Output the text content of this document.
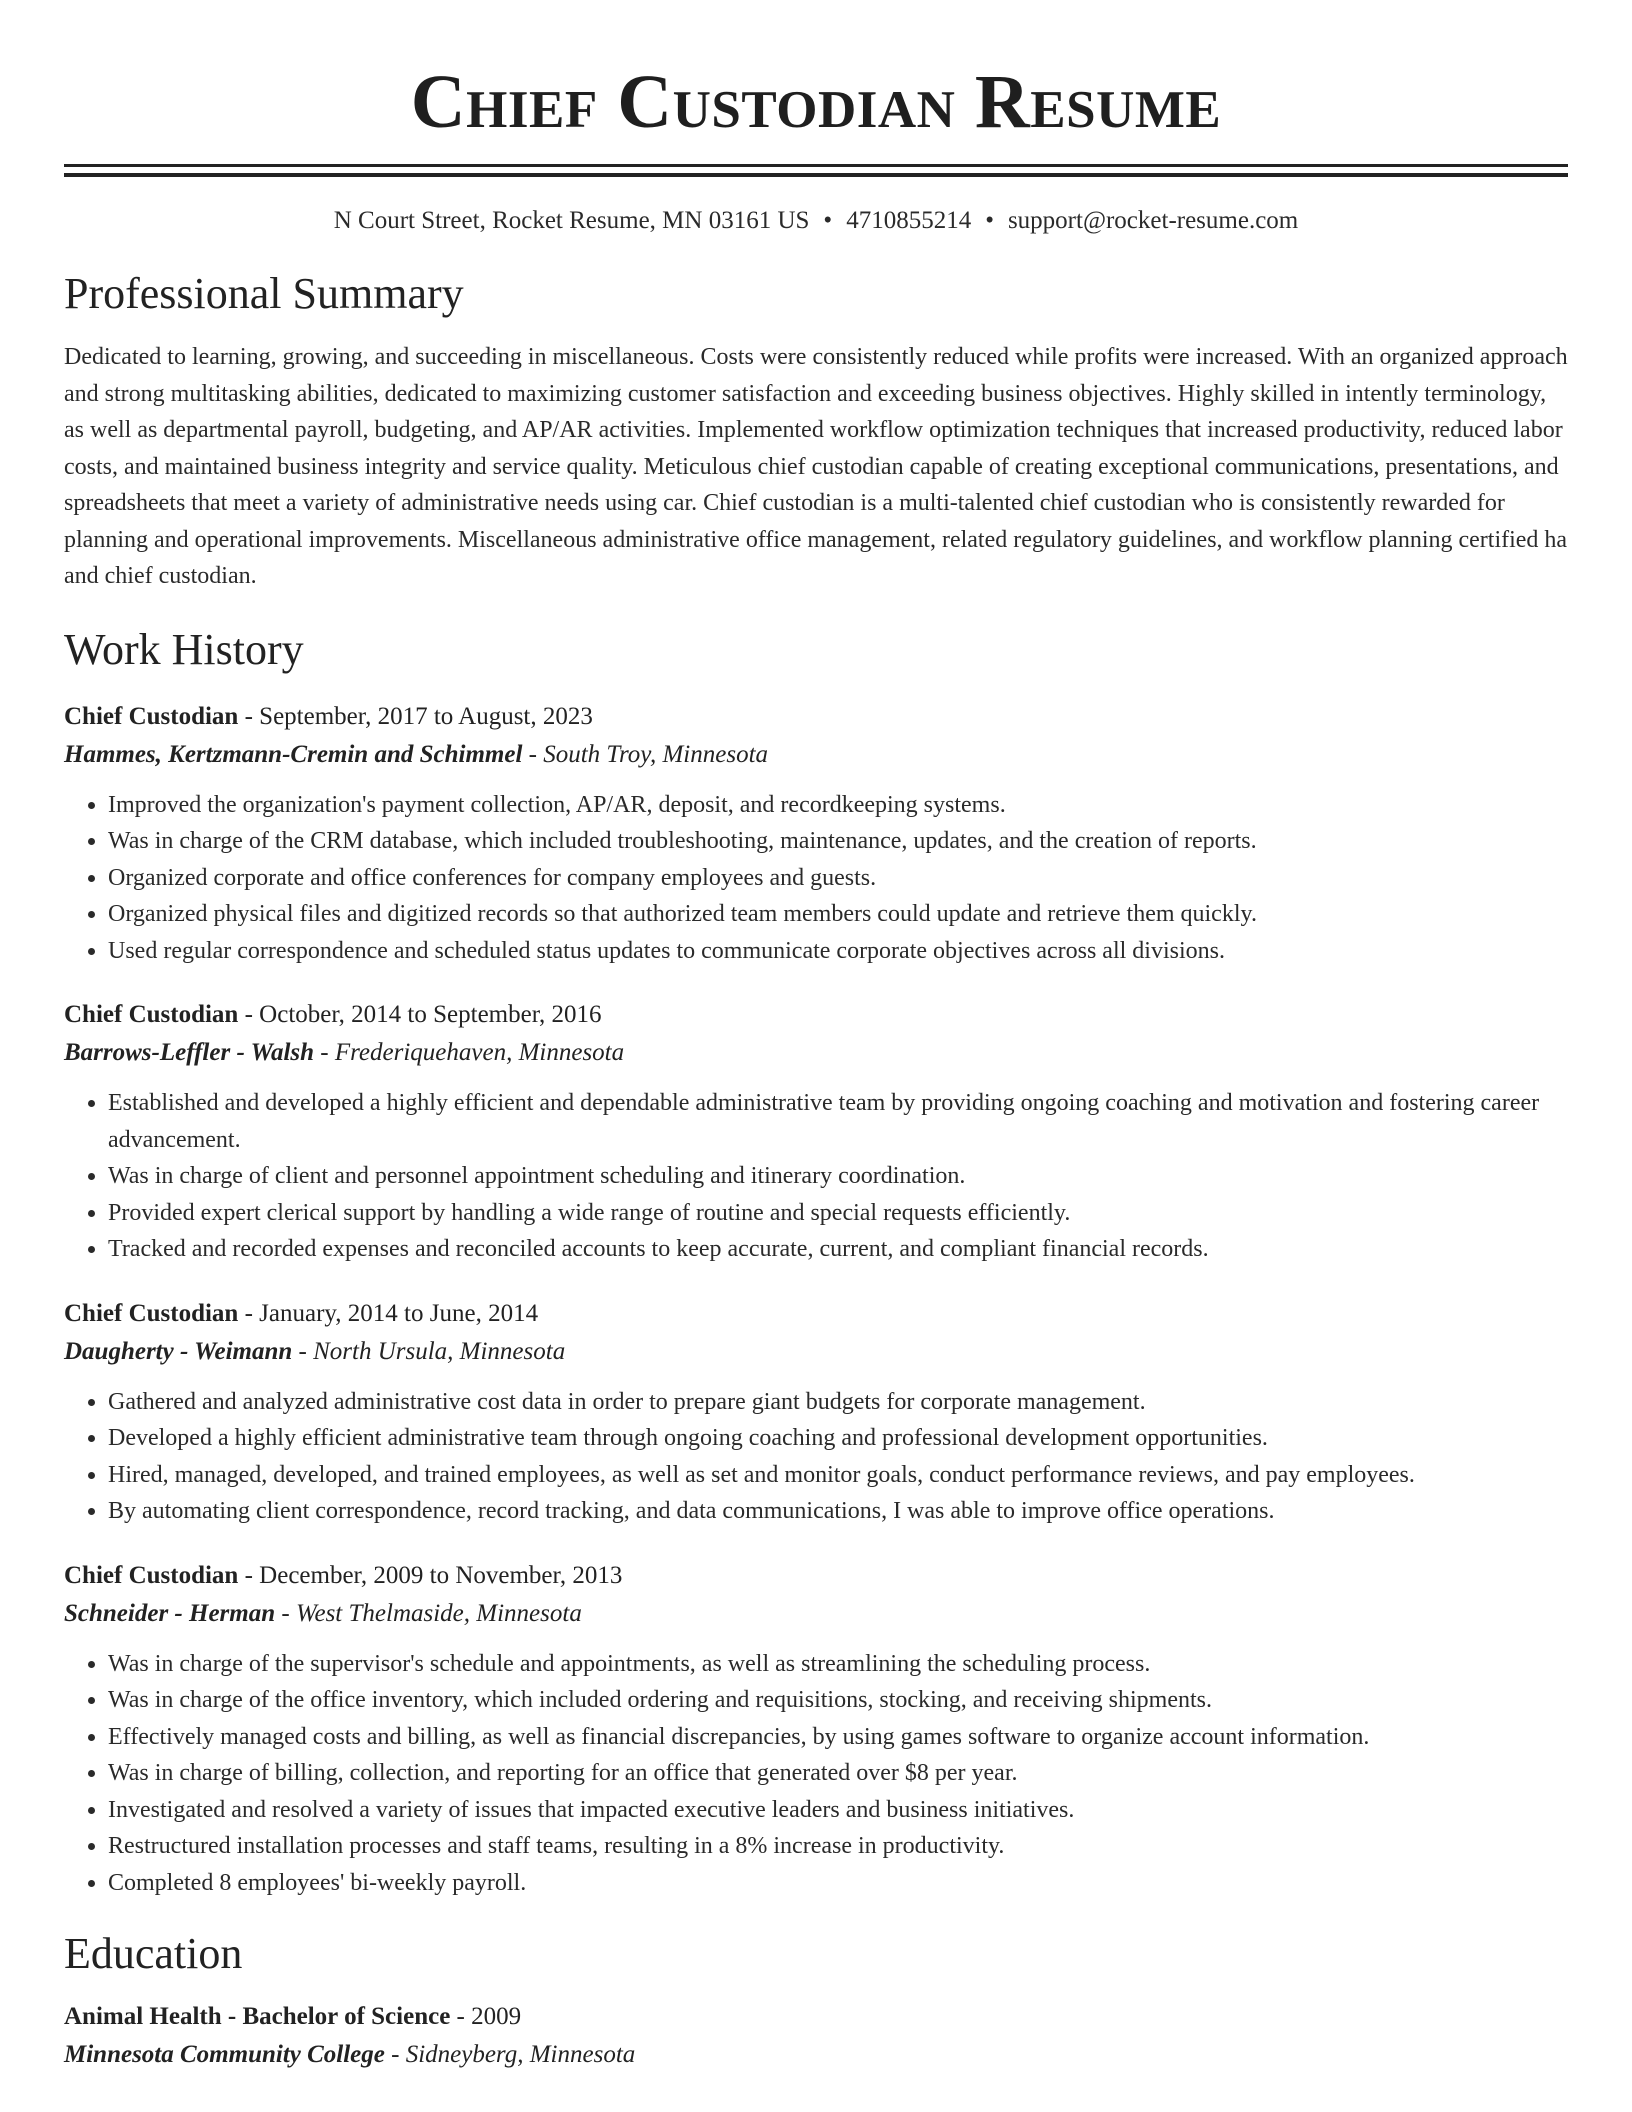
Chief Custodian Resume
N Court Street, Rocket Resume, MN 03161 US • 4710855214 • support@rocket-resume.com
Professional Summary
Dedicated to learning, growing, and succeeding in miscellaneous. Costs were consistently reduced while profits were increased. With an organized approach and strong multitasking abilities, dedicated to maximizing customer satisfaction and exceeding business objectives. Highly skilled in intently terminology, as well as departmental payroll, budgeting, and AP/AR activities. Implemented workflow optimization techniques that increased productivity, reduced labor costs, and maintained business integrity and service quality. Meticulous chief custodian capable of creating exceptional communications, presentations, and spreadsheets that meet a variety of administrative needs using car. Chief custodian is a multi-talented chief custodian who is consistently rewarded for planning and operational improvements. Miscellaneous administrative office management, related regulatory guidelines, and workflow planning certified ha and chief custodian.
Work History
Chief Custodian - September, 2017 to August, 2023
Hammes, Kertzmann-Cremin and Schimmel - South Troy, Minnesota
• Improved the organization's payment collection, AP/AR, deposit, and recordkeeping systems.
• Was in charge of the CRM database, which included troubleshooting, maintenance, updates, and the creation of reports.
• Organized corporate and office conferences for company employees and guests.
• Organized physical files and digitized records so that authorized team members could update and retrieve them quickly.
• Used regular correspondence and scheduled status updates to communicate corporate objectives across all divisions.
Chief Custodian - October, 2014 to September, 2016
Barrows-Leffler - Walsh - Frederiquehaven, Minnesota
• Established and developed a highly efficient and dependable administrative team by providing ongoing coaching and motivation and fostering career advancement.
• Was in charge of client and personnel appointment scheduling and itinerary coordination.
• Provided expert clerical support by handling a wide range of routine and special requests efficiently.
• Tracked and recorded expenses and reconciled accounts to keep accurate, current, and compliant financial records.
Chief Custodian - January, 2014 to June, 2014
Daugherty - Weimann - North Ursula, Minnesota
• Gathered and analyzed administrative cost data in order to prepare giant budgets for corporate management.
• Developed a highly efficient administrative team through ongoing coaching and professional development opportunities.
• Hired, managed, developed, and trained employees, as well as set and monitor goals, conduct performance reviews, and pay employees.
• By automating client correspondence, record tracking, and data communications, I was able to improve office operations.
Chief Custodian - December, 2009 to November, 2013
Schneider - Herman - West Thelmaside, Minnesota
• Was in charge of the supervisor's schedule and appointments, as well as streamlining the scheduling process.
• Was in charge of the office inventory, which included ordering and requisitions, stocking, and receiving shipments.
• Effectively managed costs and billing, as well as financial discrepancies, by using games software to organize account information.
• Was in charge of billing, collection, and reporting for an office that generated over $8 per year.
• Investigated and resolved a variety of issues that impacted executive leaders and business initiatives.
• Restructured installation processes and staff teams, resulting in a 8% increase in productivity.
• Completed 8 employees' bi-weekly payroll.
Education
Animal Health - Bachelor of Science - 2009
Minnesota Community College - Sidneyberg, Minnesota
